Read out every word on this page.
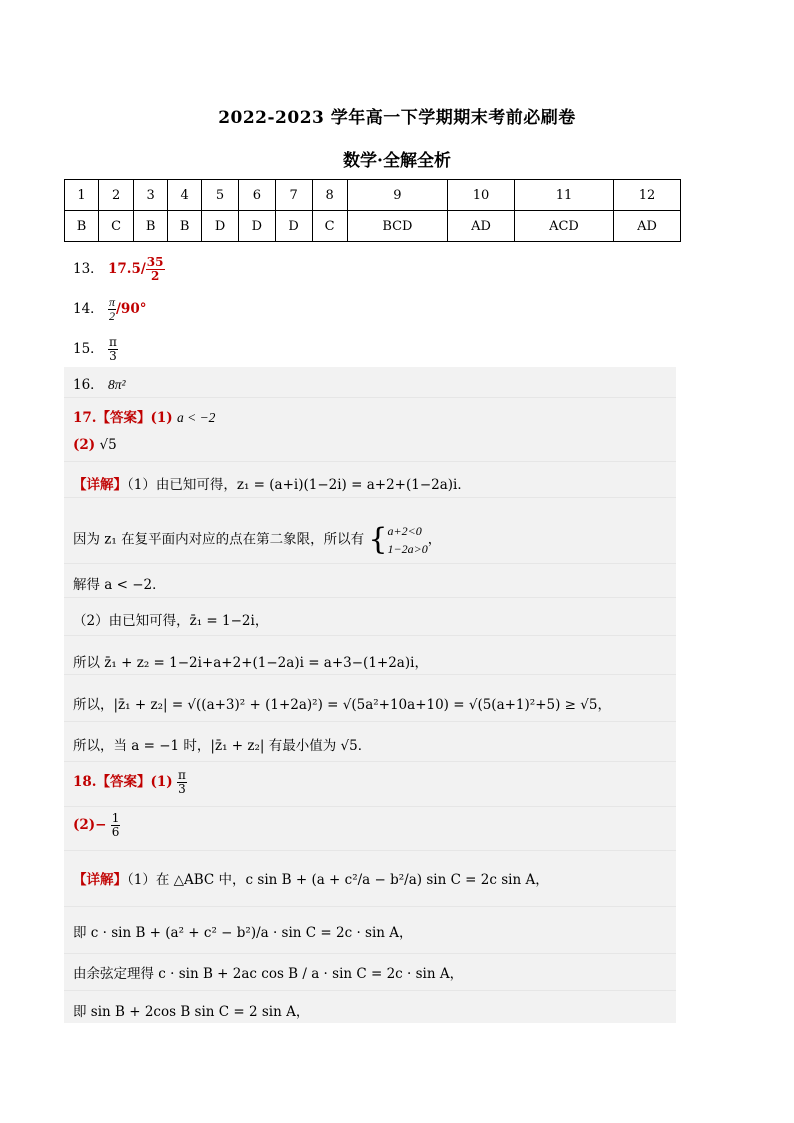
2022-2023 学年高一下学期期末考前必刷卷
数学·全解全析
1	2	3	4	5	6	7	8	9	10	11	12
B	C	B	B	D	D	D	C	BCD	AD	ACD	AD
13． $17.5/ \frac{35}{2}$
14． $\frac{\pi}{2} /90^\circ$
15． $\frac{\pi}{3}$
16． 8π²
17.【答案】(1) a < −2
(2) √5
【详解】（1）由已知可得，z₁ = (a+i)(1−2i) = a+2+(1−2a)i．
因为 z₁ 在复平面内对应的点在第二象限，所以有 { a+2<0
1−2a>0
，
解得 a < −2．
（2）由已知可得，z̄₁ = 1−2i，
所以 z̄₁ + z₂ = 1−2i+a+2+(1−2a)i = a+3−(1+2a)i，
所以，|z̄₁ + z₂| = √((a+3)² + (1+2a)²) = √(5a²+10a+10) = √(5(a+1)²+5) ≥ √5，
所以，当 a = −1 时，|z̄₁ + z₂| 有最小值为 √5．
18.【答案】$(1) \frac{\pi}{3}$
$(2)- \frac{1}{6}$
【详解】（1）在 △ABC 中，c sin B + (a + c²/a − b²/a) sin C = 2c sin A，
即 c · sin B + (a² + c² − b²)/a · sin C = 2c · sin A，
由余弦定理得 c · sin B + 2ac cos B / a · sin C = 2c · sin A，
即 sin B + 2cos B sin C = 2 sin A，
